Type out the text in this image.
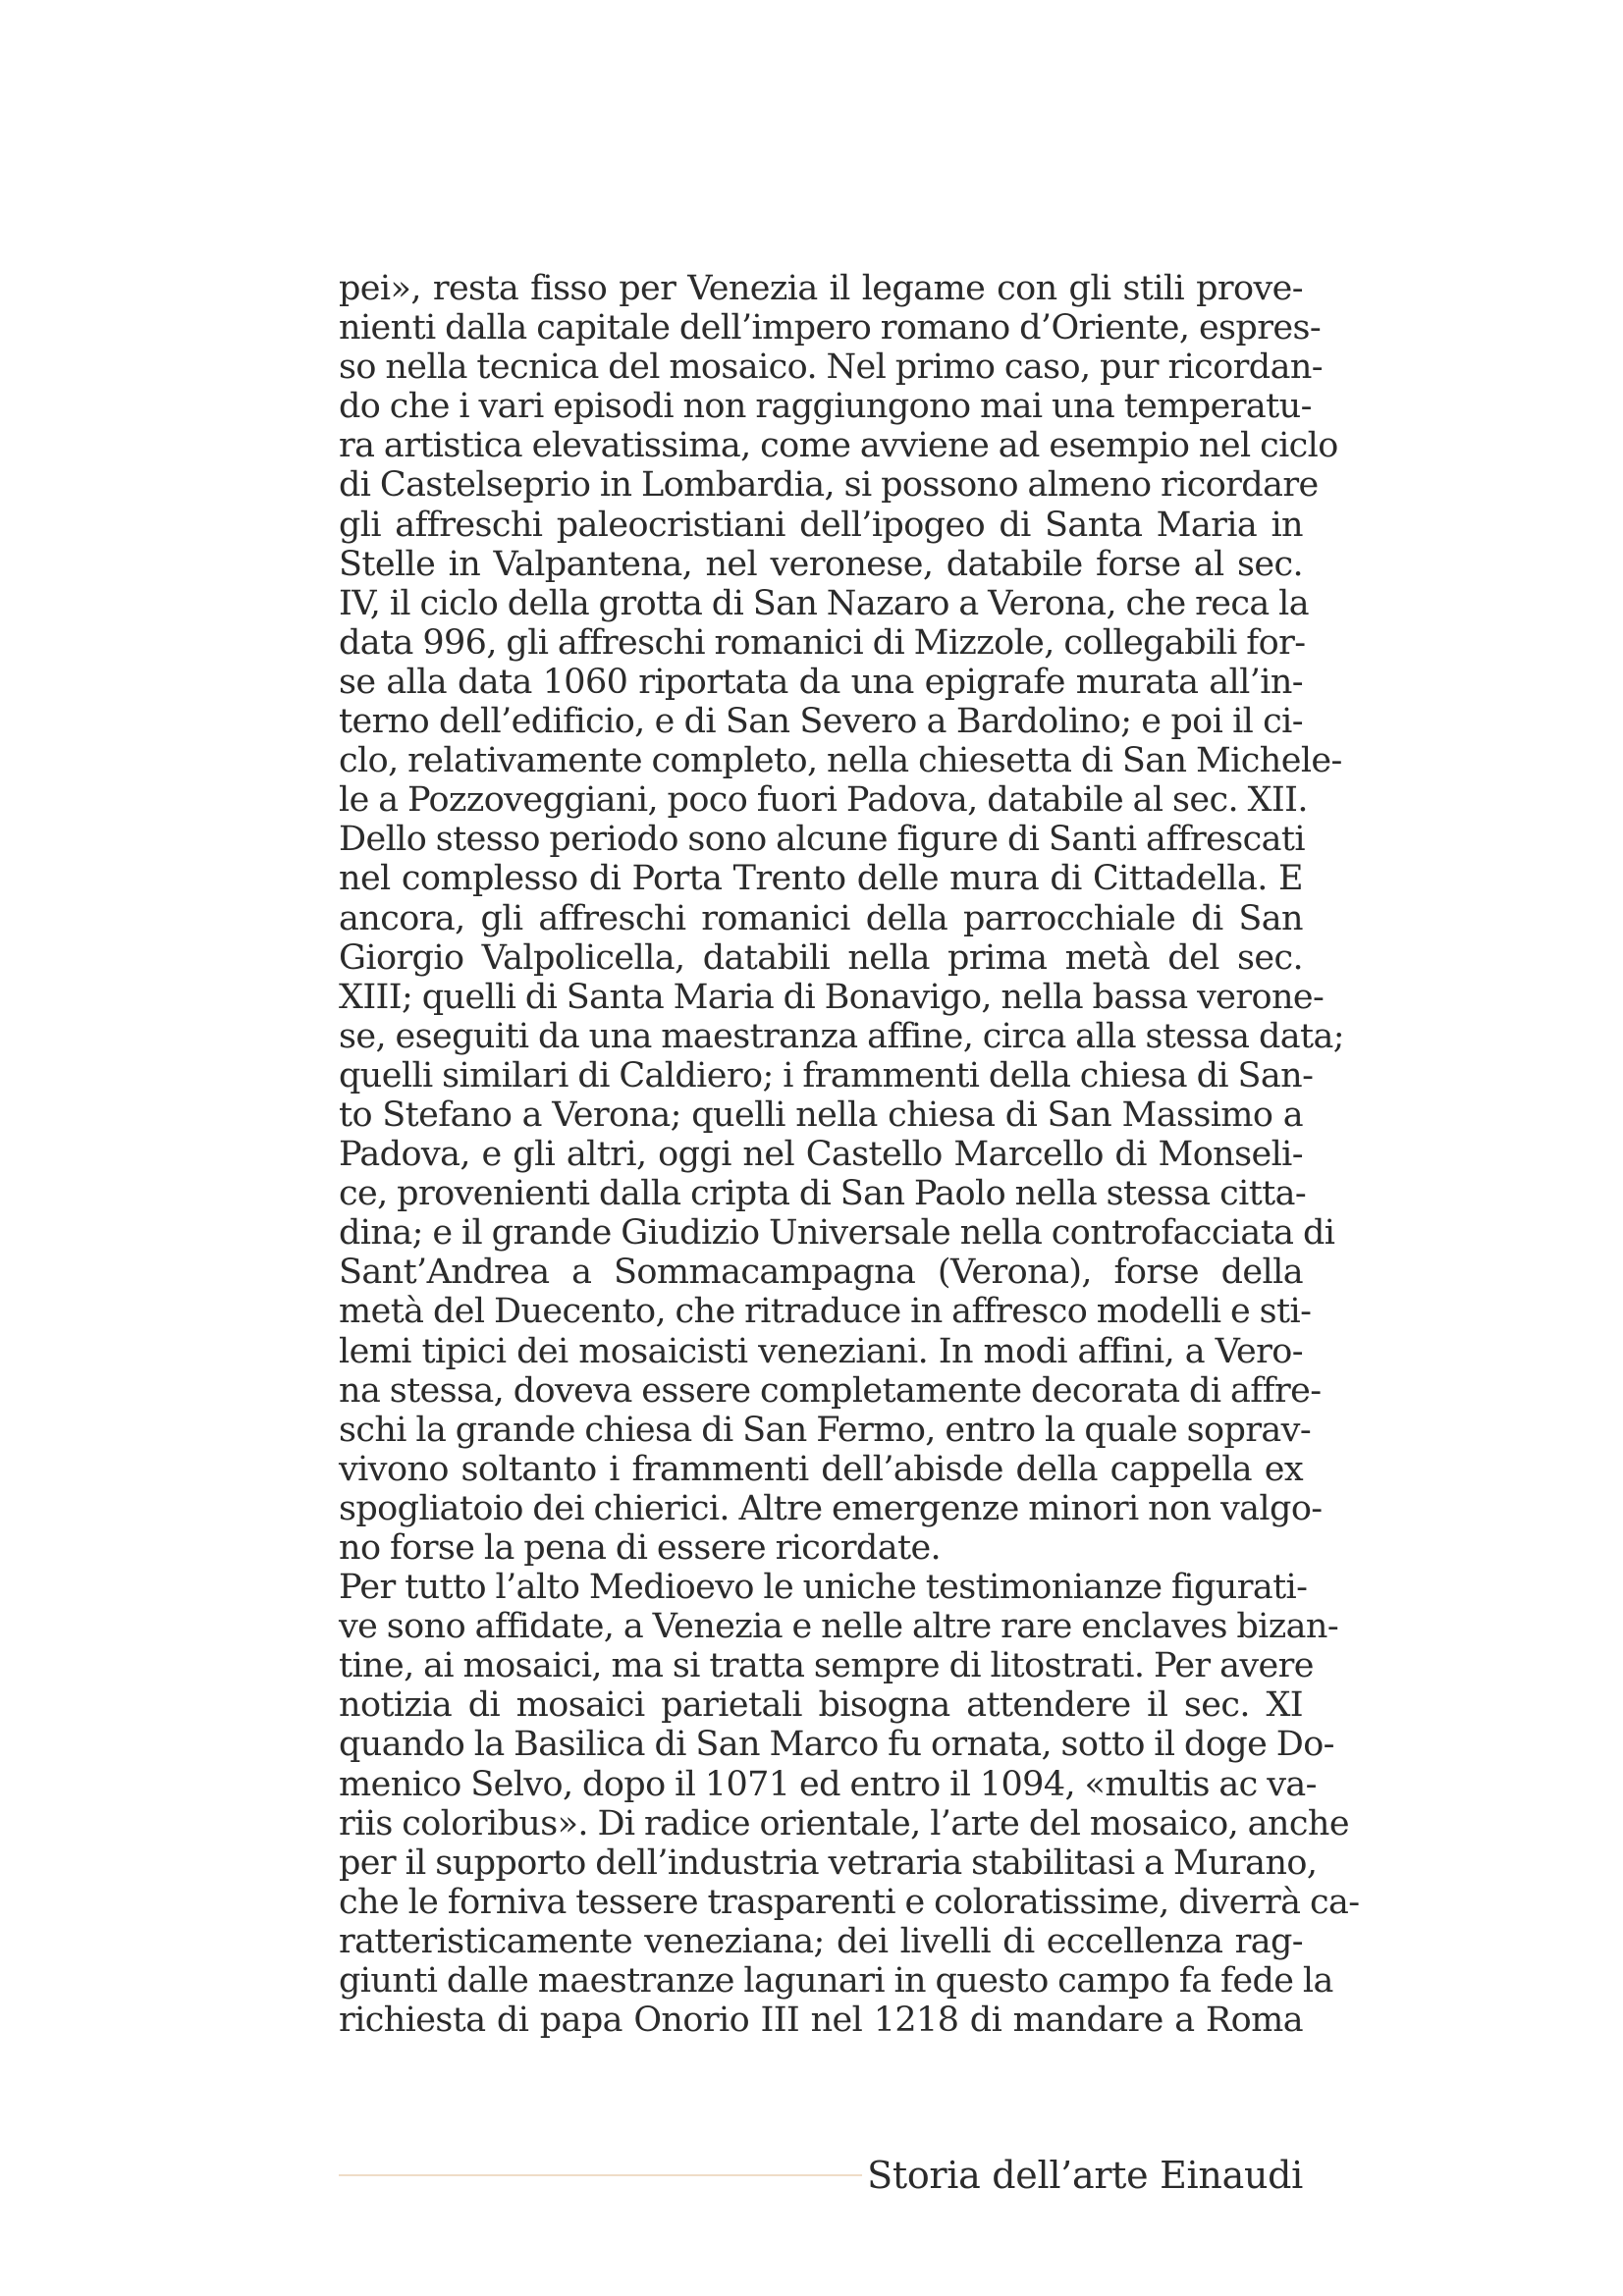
pei», resta fisso per Venezia il legame con gli stili prove-
nienti dalla capitale dell’impero romano d’Oriente, espres-
so nella tecnica del mosaico. Nel primo caso, pur ricordan-
do che i vari episodi non raggiungono mai una temperatu-
ra artistica elevatissima, come avviene ad esempio nel ciclo
di Castelseprio in Lombardia, si possono almeno ricordare
gli affreschi paleocristiani dell’ipogeo di Santa Maria in
Stelle in Valpantena, nel veronese, databile forse al sec.
IV, il ciclo della grotta di San Nazaro a Verona, che reca la
data 996, gli affreschi romanici di Mizzole, collegabili for-
se alla data 1060 riportata da una epigrafe murata all’in-
terno dell’edificio, e di San Severo a Bardolino; e poi il ci-
clo, relativamente completo, nella chiesetta di San Michele-
le a Pozzoveggiani, poco fuori Padova, databile al sec. XII.
Dello stesso periodo sono alcune figure di Santi affrescati
nel complesso di Porta Trento delle mura di Cittadella. E
ancora, gli affreschi romanici della parrocchiale di San
Giorgio Valpolicella, databili nella prima metà del sec.
XIII; quelli di Santa Maria di Bonavigo, nella bassa verone-
se, eseguiti da una maestranza affine, circa alla stessa data;
quelli similari di Caldiero; i frammenti della chiesa di San-
to Stefano a Verona; quelli nella chiesa di San Massimo a
Padova, e gli altri, oggi nel Castello Marcello di Monseli-
ce, provenienti dalla cripta di San Paolo nella stessa citta-
dina; e il grande Giudizio Universale nella controfacciata di
Sant’Andrea a Sommacampagna (Verona), forse della
metà del Duecento, che ritraduce in affresco modelli e sti-
lemi tipici dei mosaicisti veneziani. In modi affini, a Vero-
na stessa, doveva essere completamente decorata di affre-
schi la grande chiesa di San Fermo, entro la quale soprav-
vivono soltanto i frammenti dell’abisde della cappella ex
spogliatoio dei chierici. Altre emergenze minori non valgo-
no forse la pena di essere ricordate.
Per tutto l’alto Medioevo le uniche testimonianze figurati-
ve sono affidate, a Venezia e nelle altre rare enclaves bizan-
tine, ai mosaici, ma si tratta sempre di litostrati. Per avere
notizia di mosaici parietali bisogna attendere il sec. XI
quando la Basilica di San Marco fu ornata, sotto il doge Do-
menico Selvo, dopo il 1071 ed entro il 1094, «multis ac va-
riis coloribus». Di radice orientale, l’arte del mosaico, anche
per il supporto dell’industria vetraria stabilitasi a Murano,
che le forniva tessere trasparenti e coloratissime, diverrà ca-
ratteristicamente veneziana; dei livelli di eccellenza rag-
giunti dalle maestranze lagunari in questo campo fa fede la
richiesta di papa Onorio III nel 1218 di mandare a Roma
Storia dell’arte Einaudi
